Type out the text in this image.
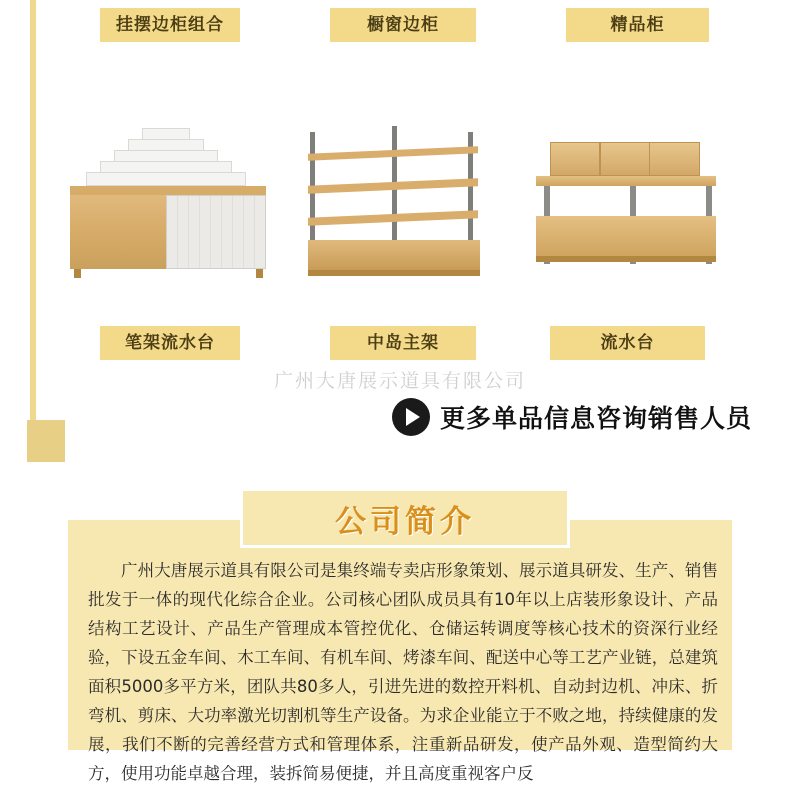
挂摆边柜组合	橱窗边柜	精品柜
笔架流水台	中岛主架	流水台
广州大唐展示道具有限公司
更多单品信息咨询销售人员
公司简介
广州大唐展示道具有限公司是集终端专卖店形象策划、展示道具研发、生产、销售批发于一体的现代化综合企业。公司核心团队成员具有10年以上店装形象设计、产品结构工艺设计、产品生产管理成本管控优化、仓储运转调度等核心技术的资深行业经验，下设五金车间、木工车间、有机车间、烤漆车间、配送中心等工艺产业链，总建筑面积5000多平方米，团队共80多人，引进先进的数控开料机、自动封边机、冲床、折弯机、剪床、大功率激光切割机等生产设备。为求企业能立于不败之地，持续健康的发展，我们不断的完善经营方式和管理体系，注重新品研发，使产品外观、造型简约大方，使用功能卓越合理，装拆简易便捷，并且高度重视客户反
